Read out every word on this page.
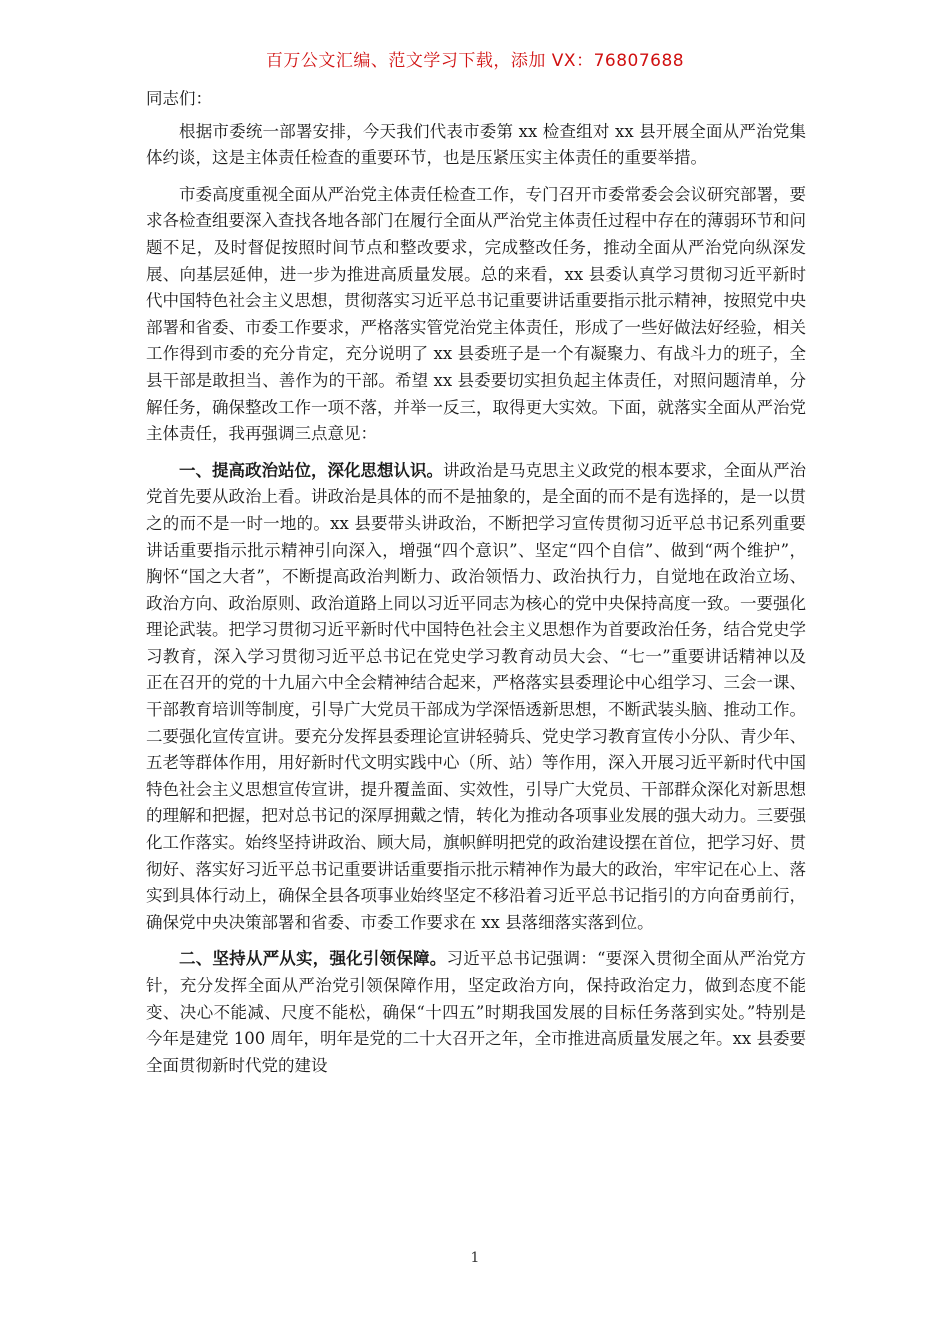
百万公文汇编、范文学习下载，添加 VX：76807688

同志们：

根据市委统一部署安排，今天我们代表市委第 xx 检查组对 xx 县开展全面从严治党集体约谈，这是主体责任检查的重要环节，也是压紧压实主体责任的重要举措。

市委高度重视全面从严治党主体责任检查工作，专门召开市委常委会会议研究部署，要求各检查组要深入查找各地各部门在履行全面从严治党主体责任过程中存在的薄弱环节和问题不足，及时督促按照时间节点和整改要求，完成整改任务，推动全面从严治党向纵深发展、向基层延伸，进一步为推进高质量发展。总的来看，xx 县委认真学习贯彻习近平新时代中国特色社会主义思想，贯彻落实习近平总书记重要讲话重要指示批示精神，按照党中央部署和省委、市委工作要求，严格落实管党治党主体责任，形成了一些好做法好经验，相关工作得到市委的充分肯定，充分说明了 xx 县委班子是一个有凝聚力、有战斗力的班子，全县干部是敢担当、善作为的干部。希望 xx 县委要切实担负起主体责任，对照问题清单，分解任务，确保整改工作一项不落，并举一反三，取得更大实效。下面，就落实全面从严治党主体责任，我再强调三点意见：

一、提高政治站位，深化思想认识。讲政治是马克思主义政党的根本要求，全面从严治党首先要从政治上看。讲政治是具体的而不是抽象的，是全面的而不是有选择的，是一以贯之的而不是一时一地的。xx 县要带头讲政治，不断把学习宣传贯彻习近平总书记系列重要讲话重要指示批示精神引向深入，增强“四个意识”、坚定“四个自信”、做到“两个维护”，胸怀“国之大者”，不断提高政治判断力、政治领悟力、政治执行力，自觉地在政治立场、政治方向、政治原则、政治道路上同以习近平同志为核心的党中央保持高度一致。一要强化理论武装。把学习贯彻习近平新时代中国特色社会主义思想作为首要政治任务，结合党史学习教育，深入学习贯彻习近平总书记在党史学习教育动员大会、“七一”重要讲话精神以及正在召开的党的十九届六中全会精神结合起来，严格落实县委理论中心组学习、三会一课、干部教育培训等制度，引导广大党员干部成为学深悟透新思想，不断武装头脑、推动工作。二要强化宣传宣讲。要充分发挥县委理论宣讲轻骑兵、党史学习教育宣传小分队、青少年、五老等群体作用，用好新时代文明实践中心（所、站）等作用，深入开展习近平新时代中国特色社会主义思想宣传宣讲，提升覆盖面、实效性，引导广大党员、干部群众深化对新思想的理解和把握，把对总书记的深厚拥戴之情，转化为推动各项事业发展的强大动力。三要强化工作落实。始终坚持讲政治、顾大局，旗帜鲜明把党的政治建设摆在首位，把学习好、贯彻好、落实好习近平总书记重要讲话重要指示批示精神作为最大的政治，牢牢记在心上、落实到具体行动上，确保全县各项事业始终坚定不移沿着习近平总书记指引的方向奋勇前行，确保党中央决策部署和省委、市委工作要求在 xx 县落细落实落到位。

二、坚持从严从实，强化引领保障。习近平总书记强调：“要深入贯彻全面从严治党方针，充分发挥全面从严治党引领保障作用，坚定政治方向，保持政治定力，做到态度不能变、决心不能减、尺度不能松，确保“十四五”时期我国发展的目标任务落到实处。”特别是今年是建党 100 周年，明年是党的二十大召开之年，全市推进高质量发展之年。xx 县委要全面贯彻新时代党的建设

1
